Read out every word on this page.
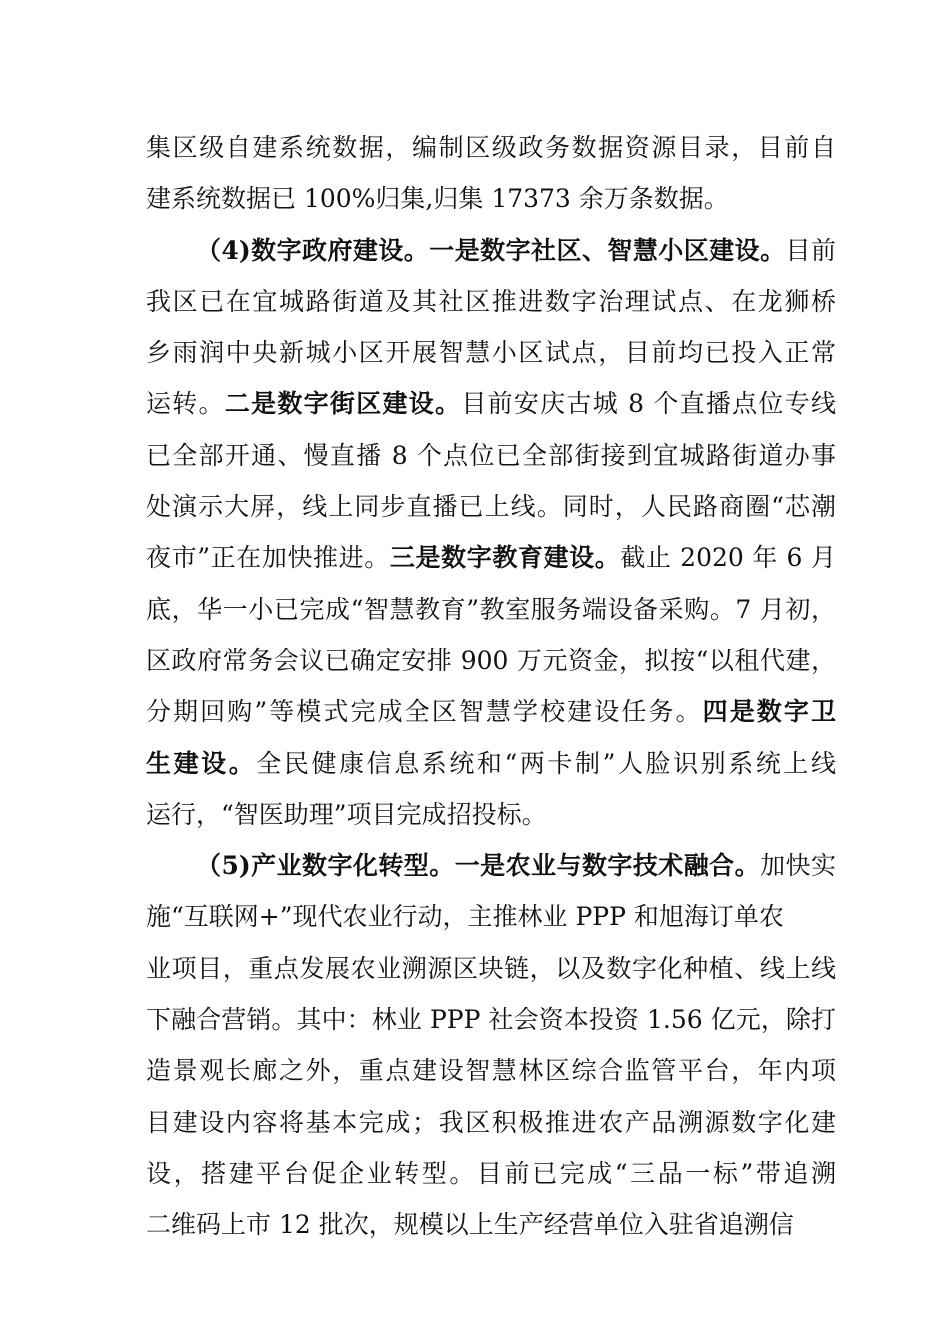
集区级自建系统数据，编制区级政务数据资源目录，目前自
建系统数据已 100%归集,归集 17373 余万条数据。
（4)数字政府建设。一是数字社区、智慧小区建设。目前
我区已在宜城路街道及其社区推进数字治理试点、在龙狮桥
乡雨润中央新城小区开展智慧小区试点，目前均已投入正常
运转。二是数字街区建设。目前安庆古城 8 个直播点位专线
已全部开通、慢直播 8 个点位已全部街接到宜城路街道办事
处演示大屏，线上同步直播已上线。同时，人民路商圈“芯潮
夜市”正在加快推进。三是数字教育建设。截止 2020 年 6 月
底，华一小已完成“智慧教育”教室服务端设备采购。7 月初，
区政府常务会议已确定安排 900 万元资金，拟按“以租代建，
分期回购”等模式完成全区智慧学校建设任务。四是数字卫
生建设。全民健康信息系统和“两卡制”人脸识别系统上线
运行，“智医助理”项目完成招投标。
（5)产业数字化转型。一是农业与数字技术融合。加快实
施“互联网+”现代农业行动，主推林业 PPP 和旭海订单农
业项目，重点发展农业溯源区块链，以及数字化种植、线上线
下融合营销。其中：林业 PPP 社会资本投资 1.56 亿元，除打
造景观长廊之外，重点建设智慧林区综合监管平台，年内项
目建设内容将基本完成；我区积极推进农产品溯源数字化建
设，搭建平台促企业转型。目前已完成“三品一标”带追溯
二维码上市 12 批次，规模以上生产经营单位入驻省追溯信
